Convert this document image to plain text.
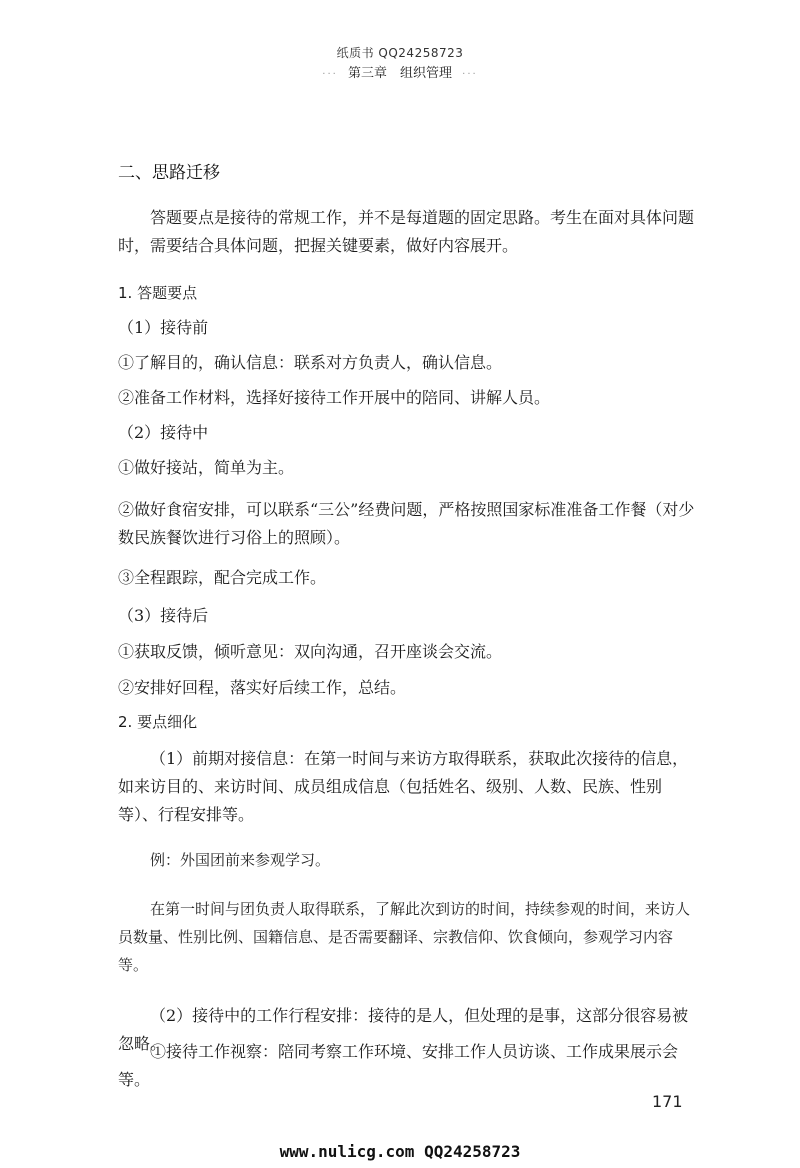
纸质书 QQ24258723
··· 第三章　组织管理 ···
二、思路迁移
答题要点是接待的常规工作，并不是每道题的固定思路。考生在面对具体问题时，需要结合具体问题，把握关键要素，做好内容展开。
1. 答题要点
（1）接待前
①了解目的，确认信息：联系对方负责人，确认信息。
②准备工作材料，选择好接待工作开展中的陪同、讲解人员。
（2）接待中
①做好接站，简单为主。
②做好食宿安排，可以联系“三公”经费问题，严格按照国家标准准备工作餐（对少数民族餐饮进行习俗上的照顾）。
③全程跟踪，配合完成工作。
（3）接待后
①获取反馈，倾听意见：双向沟通，召开座谈会交流。
②安排好回程，落实好后续工作，总结。
2. 要点细化
（1）前期对接信息：在第一时间与来访方取得联系，获取此次接待的信息，如来访目的、来访时间、成员组成信息（包括姓名、级别、人数、民族、性别等）、行程安排等。
例：外国团前来参观学习。
在第一时间与团负责人取得联系，了解此次到访的时间，持续参观的时间，来访人员数量、性别比例、国籍信息、是否需要翻译、宗教信仰、饮食倾向，参观学习内容等。
（2）接待中的工作行程安排：接待的是人，但处理的是事，这部分很容易被忽略。
①接待工作视察：陪同考察工作环境、安排工作人员访谈、工作成果展示会等。
171
www.nulicg.com QQ24258723
